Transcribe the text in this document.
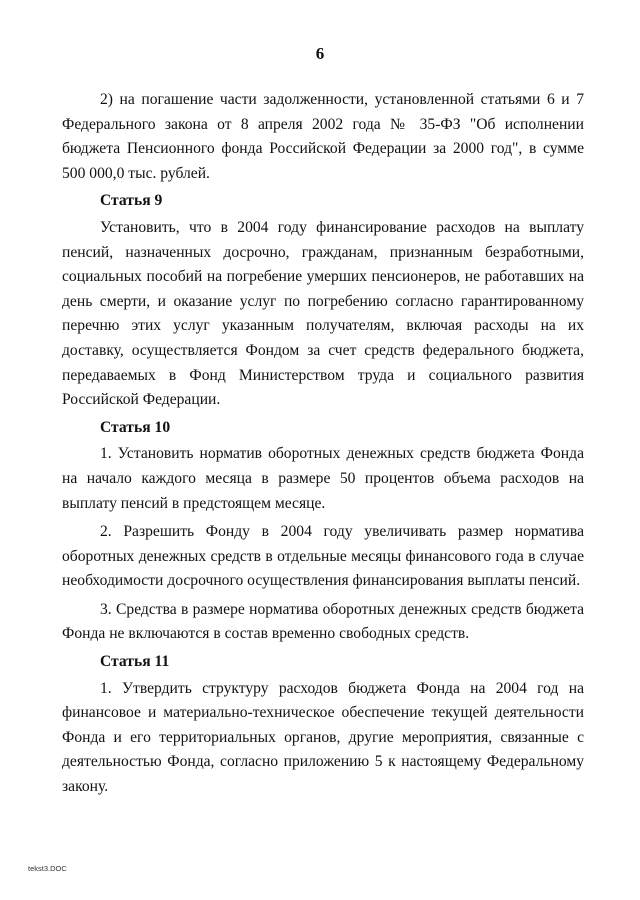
6

2) на погашение части задолженности, установленной статьями 6 и 7 Федерального закона от 8 апреля 2002 года № 35-ФЗ "Об исполнении бюджета Пенсионного фонда Российской Федерации за 2000 год", в сумме 500 000,0 тыс. рублей.

Статья 9

Установить, что в 2004 году финансирование расходов на выплату пенсий, назначенных досрочно, гражданам, признанным безработными, социальных пособий на погребение умерших пенсионеров, не работавших на день смерти, и оказание услуг по погребению согласно гарантированному перечню этих услуг указанным получателям, включая расходы на их доставку, осуществляется Фондом за счет средств федерального бюджета, передаваемых в Фонд Министерством труда и социального развития Российской Федерации.

Статья 10

1. Установить норматив оборотных денежных средств бюджета Фонда на начало каждого месяца в размере 50 процентов объема расходов на выплату пенсий в предстоящем месяце.

2. Разрешить Фонду в 2004 году увеличивать размер норматива оборотных денежных средств в отдельные месяцы финансового года в случае необходимости досрочного осуществления финансирования выплаты пенсий.

3. Средства в размере норматива оборотных денежных средств бюджета Фонда не включаются в состав временно свободных средств.

Статья 11

1. Утвердить структуру расходов бюджета Фонда на 2004 год на финансовое и материально-техническое обеспечение текущей деятельности Фонда и его территориальных органов, другие мероприятия, связанные с деятельностью Фонда, согласно приложению 5 к настоящему Федеральному закону.

tekst3.DOC
